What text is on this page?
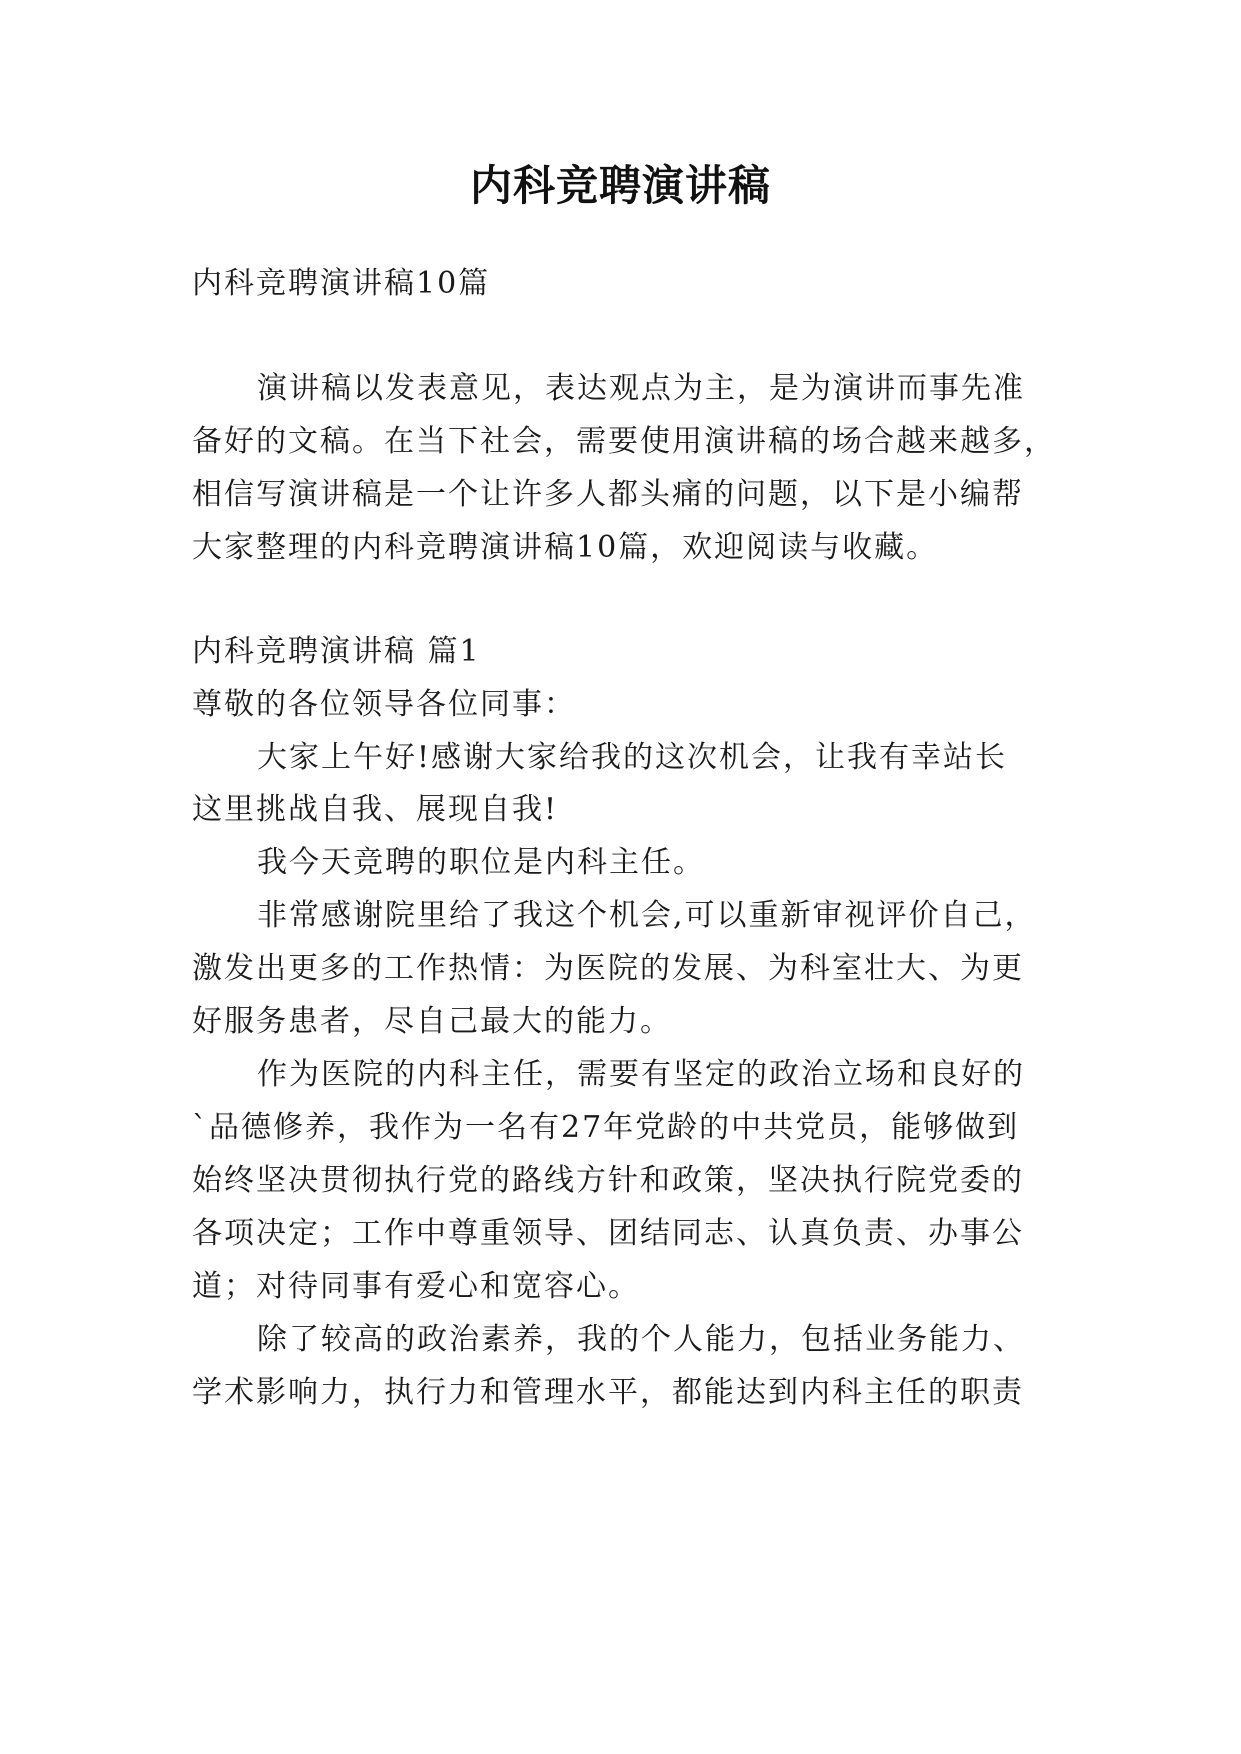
内科竞聘演讲稿
内科竞聘演讲稿10篇
演讲稿以发表意见，表达观点为主，是为演讲而事先准
备好的文稿。在当下社会，需要使用演讲稿的场合越来越多，
相信写演讲稿是一个让许多人都头痛的问题，以下是小编帮
大家整理的内科竞聘演讲稿10篇，欢迎阅读与收藏。
内科竞聘演讲稿 篇1
尊敬的各位领导各位同事：
大家上午好!感谢大家给我的这次机会，让我有幸站长
这里挑战自我、展现自我!
我今天竞聘的职位是内科主任。
非常感谢院里给了我这个机会,可以重新审视评价自己，
激发出更多的工作热情：为医院的发展、为科室壮大、为更
好服务患者，尽自己最大的能力。
作为医院的内科主任，需要有坚定的政治立场和良好的
`品德修养，我作为一名有27年党龄的中共党员，能够做到
始终坚决贯彻执行党的路线方针和政策，坚决执行院党委的
各项决定；工作中尊重领导、团结同志、认真负责、办事公
道；对待同事有爱心和宽容心。
除了较高的政治素养，我的个人能力，包括业务能力、
学术影响力，执行力和管理水平，都能达到内科主任的职责
